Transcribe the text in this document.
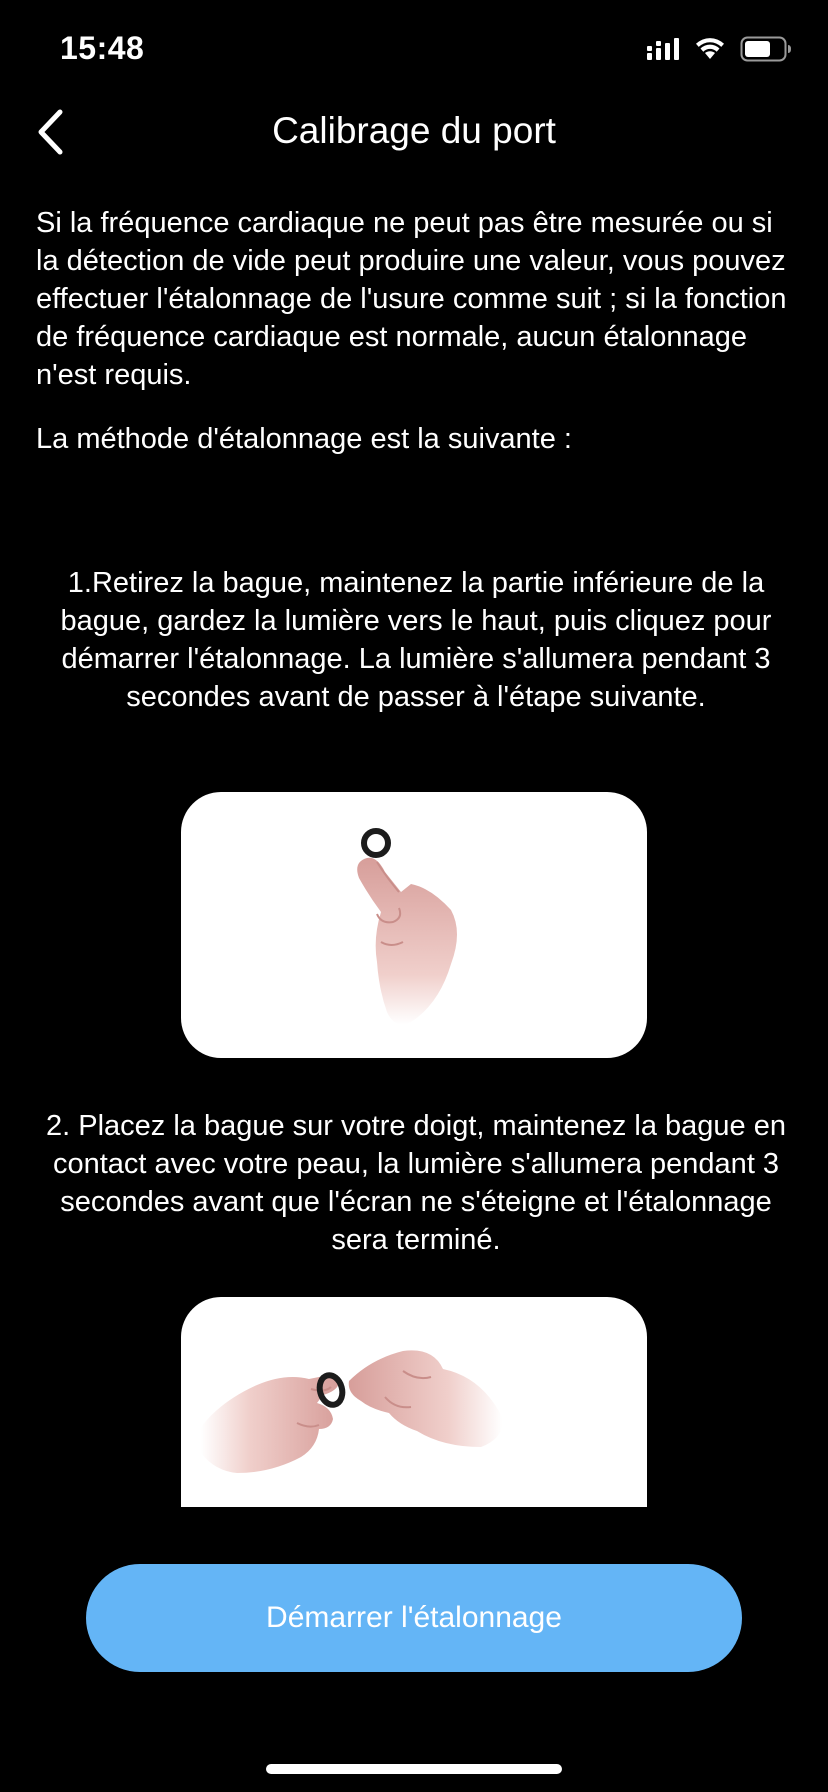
15:48
Calibrage du port

Si la fréquence cardiaque ne peut pas être mesurée ou si la détection de vide peut produire une valeur, vous pouvez effectuer l'étalonnage de l'usure comme suit ; si la fonction de fréquence cardiaque est normale, aucun étalonnage n'est requis.

La méthode d'étalonnage est la suivante :

1.Retirez la bague, maintenez la partie inférieure de la bague, gardez la lumière vers le haut, puis cliquez pour démarrer l'étalonnage. La lumière s'allumera pendant 3 secondes avant de passer à l'étape suivante.

2. Placez la bague sur votre doigt, maintenez la bague en contact avec votre peau, la lumière s'allumera pendant 3 secondes avant que l'écran ne s'éteigne et l'étalonnage sera terminé.

Démarrer l'étalonnage
